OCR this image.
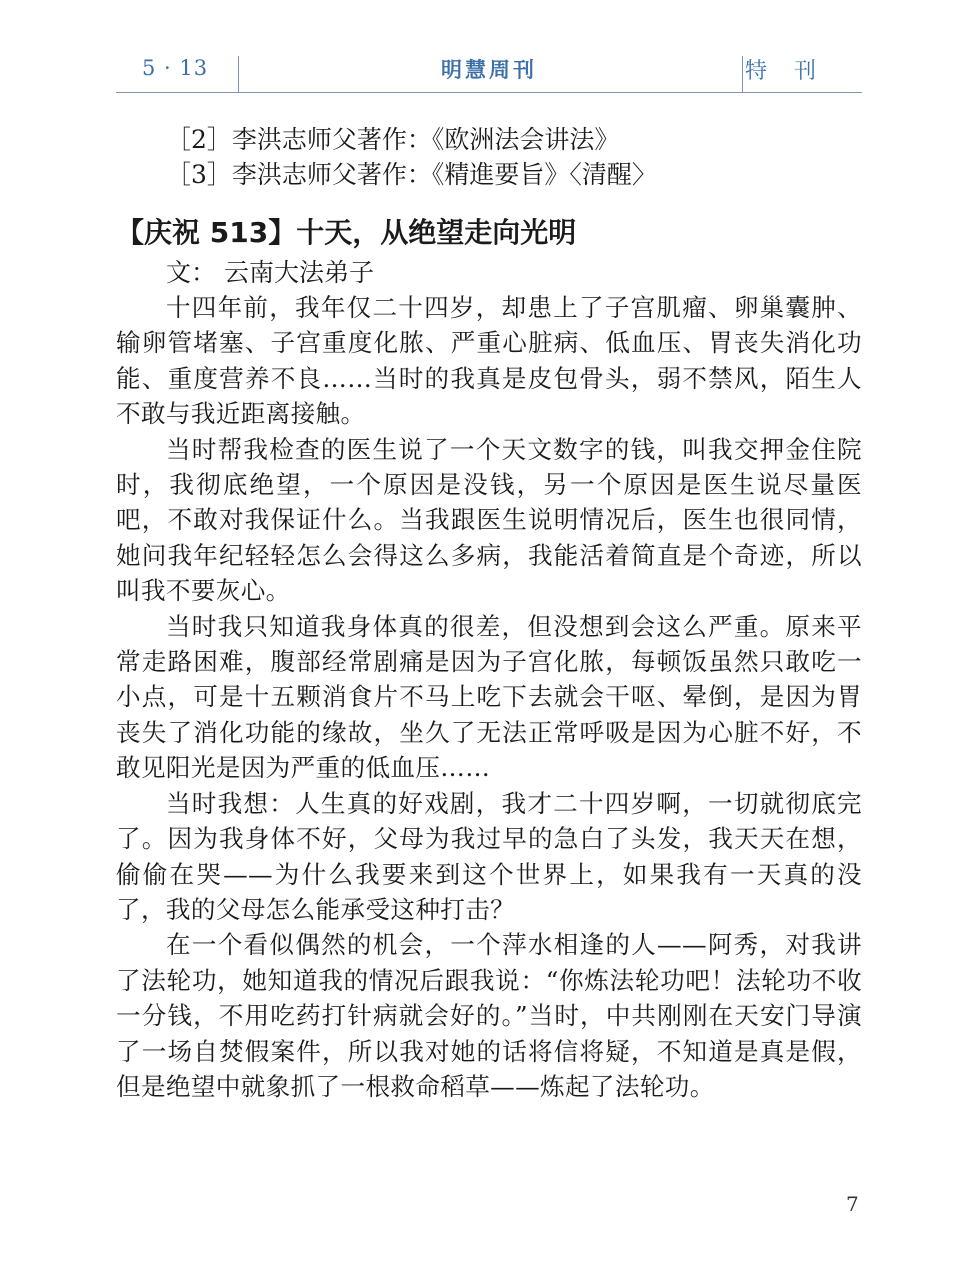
5 · 13	明慧周刊	特 刊
［2］李洪志师父著作：《欧洲法会讲法》
［3］李洪志师父著作：《精進要旨》〈清醒〉
【庆祝 513】十天，从绝望走向光明
文： 云南大法弟子

十四年前，我年仅二十四岁，却患上了子宫肌瘤、卵巢囊肿、输卵管堵塞、子宫重度化脓、严重心脏病、低血压、胃丧失消化功能、重度营养不良……当时的我真是皮包骨头，弱不禁风，陌生人不敢与我近距离接触。

当时帮我检查的医生说了一个天文数字的钱，叫我交押金住院时，我彻底绝望，一个原因是没钱，另一个原因是医生说尽量医吧，不敢对我保证什么。当我跟医生说明情况后，医生也很同情，她问我年纪轻轻怎么会得这么多病，我能活着简直是个奇迹，所以叫我不要灰心。

当时我只知道我身体真的很差，但没想到会这么严重。原来平常走路困难，腹部经常剧痛是因为子宫化脓，每顿饭虽然只敢吃一小点，可是十五颗消食片不马上吃下去就会干呕、晕倒，是因为胃丧失了消化功能的缘故，坐久了无法正常呼吸是因为心脏不好，不敢见阳光是因为严重的低血压……

当时我想：人生真的好戏剧，我才二十四岁啊，一切就彻底完了。因为我身体不好，父母为我过早的急白了头发，我天天在想，偷偷在哭——为什么我要来到这个世界上，如果我有一天真的没了，我的父母怎么能承受这种打击？

在一个看似偶然的机会，一个萍水相逢的人——阿秀，对我讲了法轮功，她知道我的情况后跟我说：“你炼法轮功吧！法轮功不收一分钱，不用吃药打针病就会好的。”当时，中共刚刚在天安门导演了一场自焚假案件，所以我对她的话将信将疑，不知道是真是假，但是绝望中就象抓了一根救命稻草——炼起了法轮功。

7
